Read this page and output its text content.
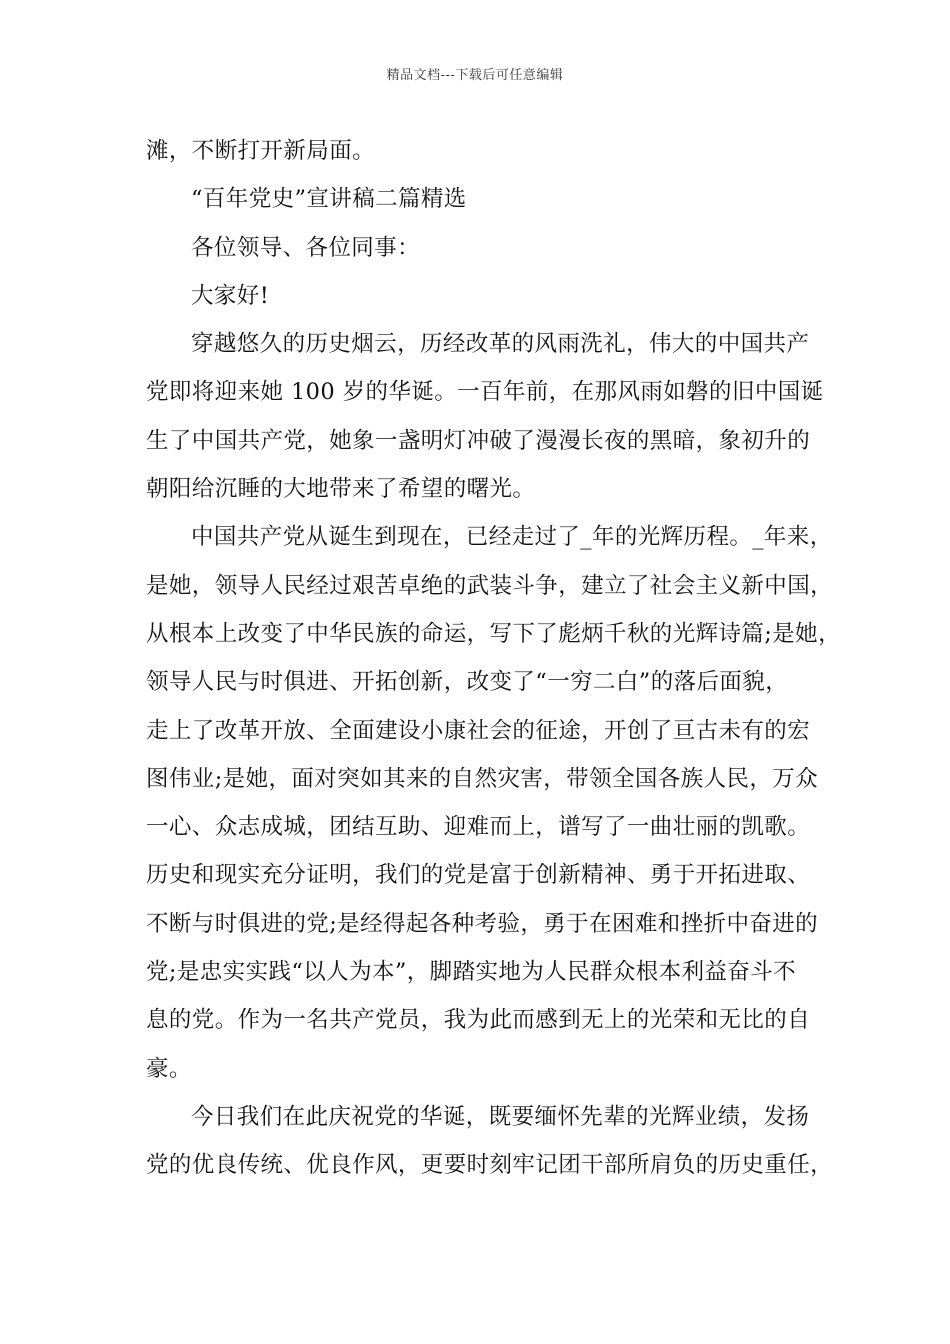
精品文档---下载后可任意编辑
滩，不断打开新局面。
“百年党史”宣讲稿二篇精选
各位领导、各位同事：
大家好!
穿越悠久的历史烟云，历经改革的风雨洗礼，伟大的中国共产
党即将迎来她 100 岁的华诞。一百年前，在那风雨如磐的旧中国诞
生了中国共产党，她象一盏明灯冲破了漫漫长夜的黑暗，象初升的
朝阳给沉睡的大地带来了希望的曙光。
中国共产党从诞生到现在，已经走过了_年的光辉历程。_年来，
是她，领导人民经过艰苦卓绝的武装斗争，建立了社会主义新中国，
从根本上改变了中华民族的命运，写下了彪炳千秋的光辉诗篇;是她，
领导人民与时俱进、开拓创新，改变了“一穷二白”的落后面貌，
走上了改革开放、全面建设小康社会的征途，开创了亘古未有的宏
图伟业;是她，面对突如其来的自然灾害，带领全国各族人民，万众
一心、众志成城，团结互助、迎难而上，谱写了一曲壮丽的凯歌。
历史和现实充分证明，我们的党是富于创新精神、勇于开拓进取、
不断与时俱进的党;是经得起各种考验，勇于在困难和挫折中奋进的
党;是忠实实践“以人为本”，脚踏实地为人民群众根本利益奋斗不
息的党。作为一名共产党员，我为此而感到无上的光荣和无比的自
豪。
今日我们在此庆祝党的华诞，既要缅怀先辈的光辉业绩，发扬
党的优良传统、优良作风，更要时刻牢记团干部所肩负的历史重任，
